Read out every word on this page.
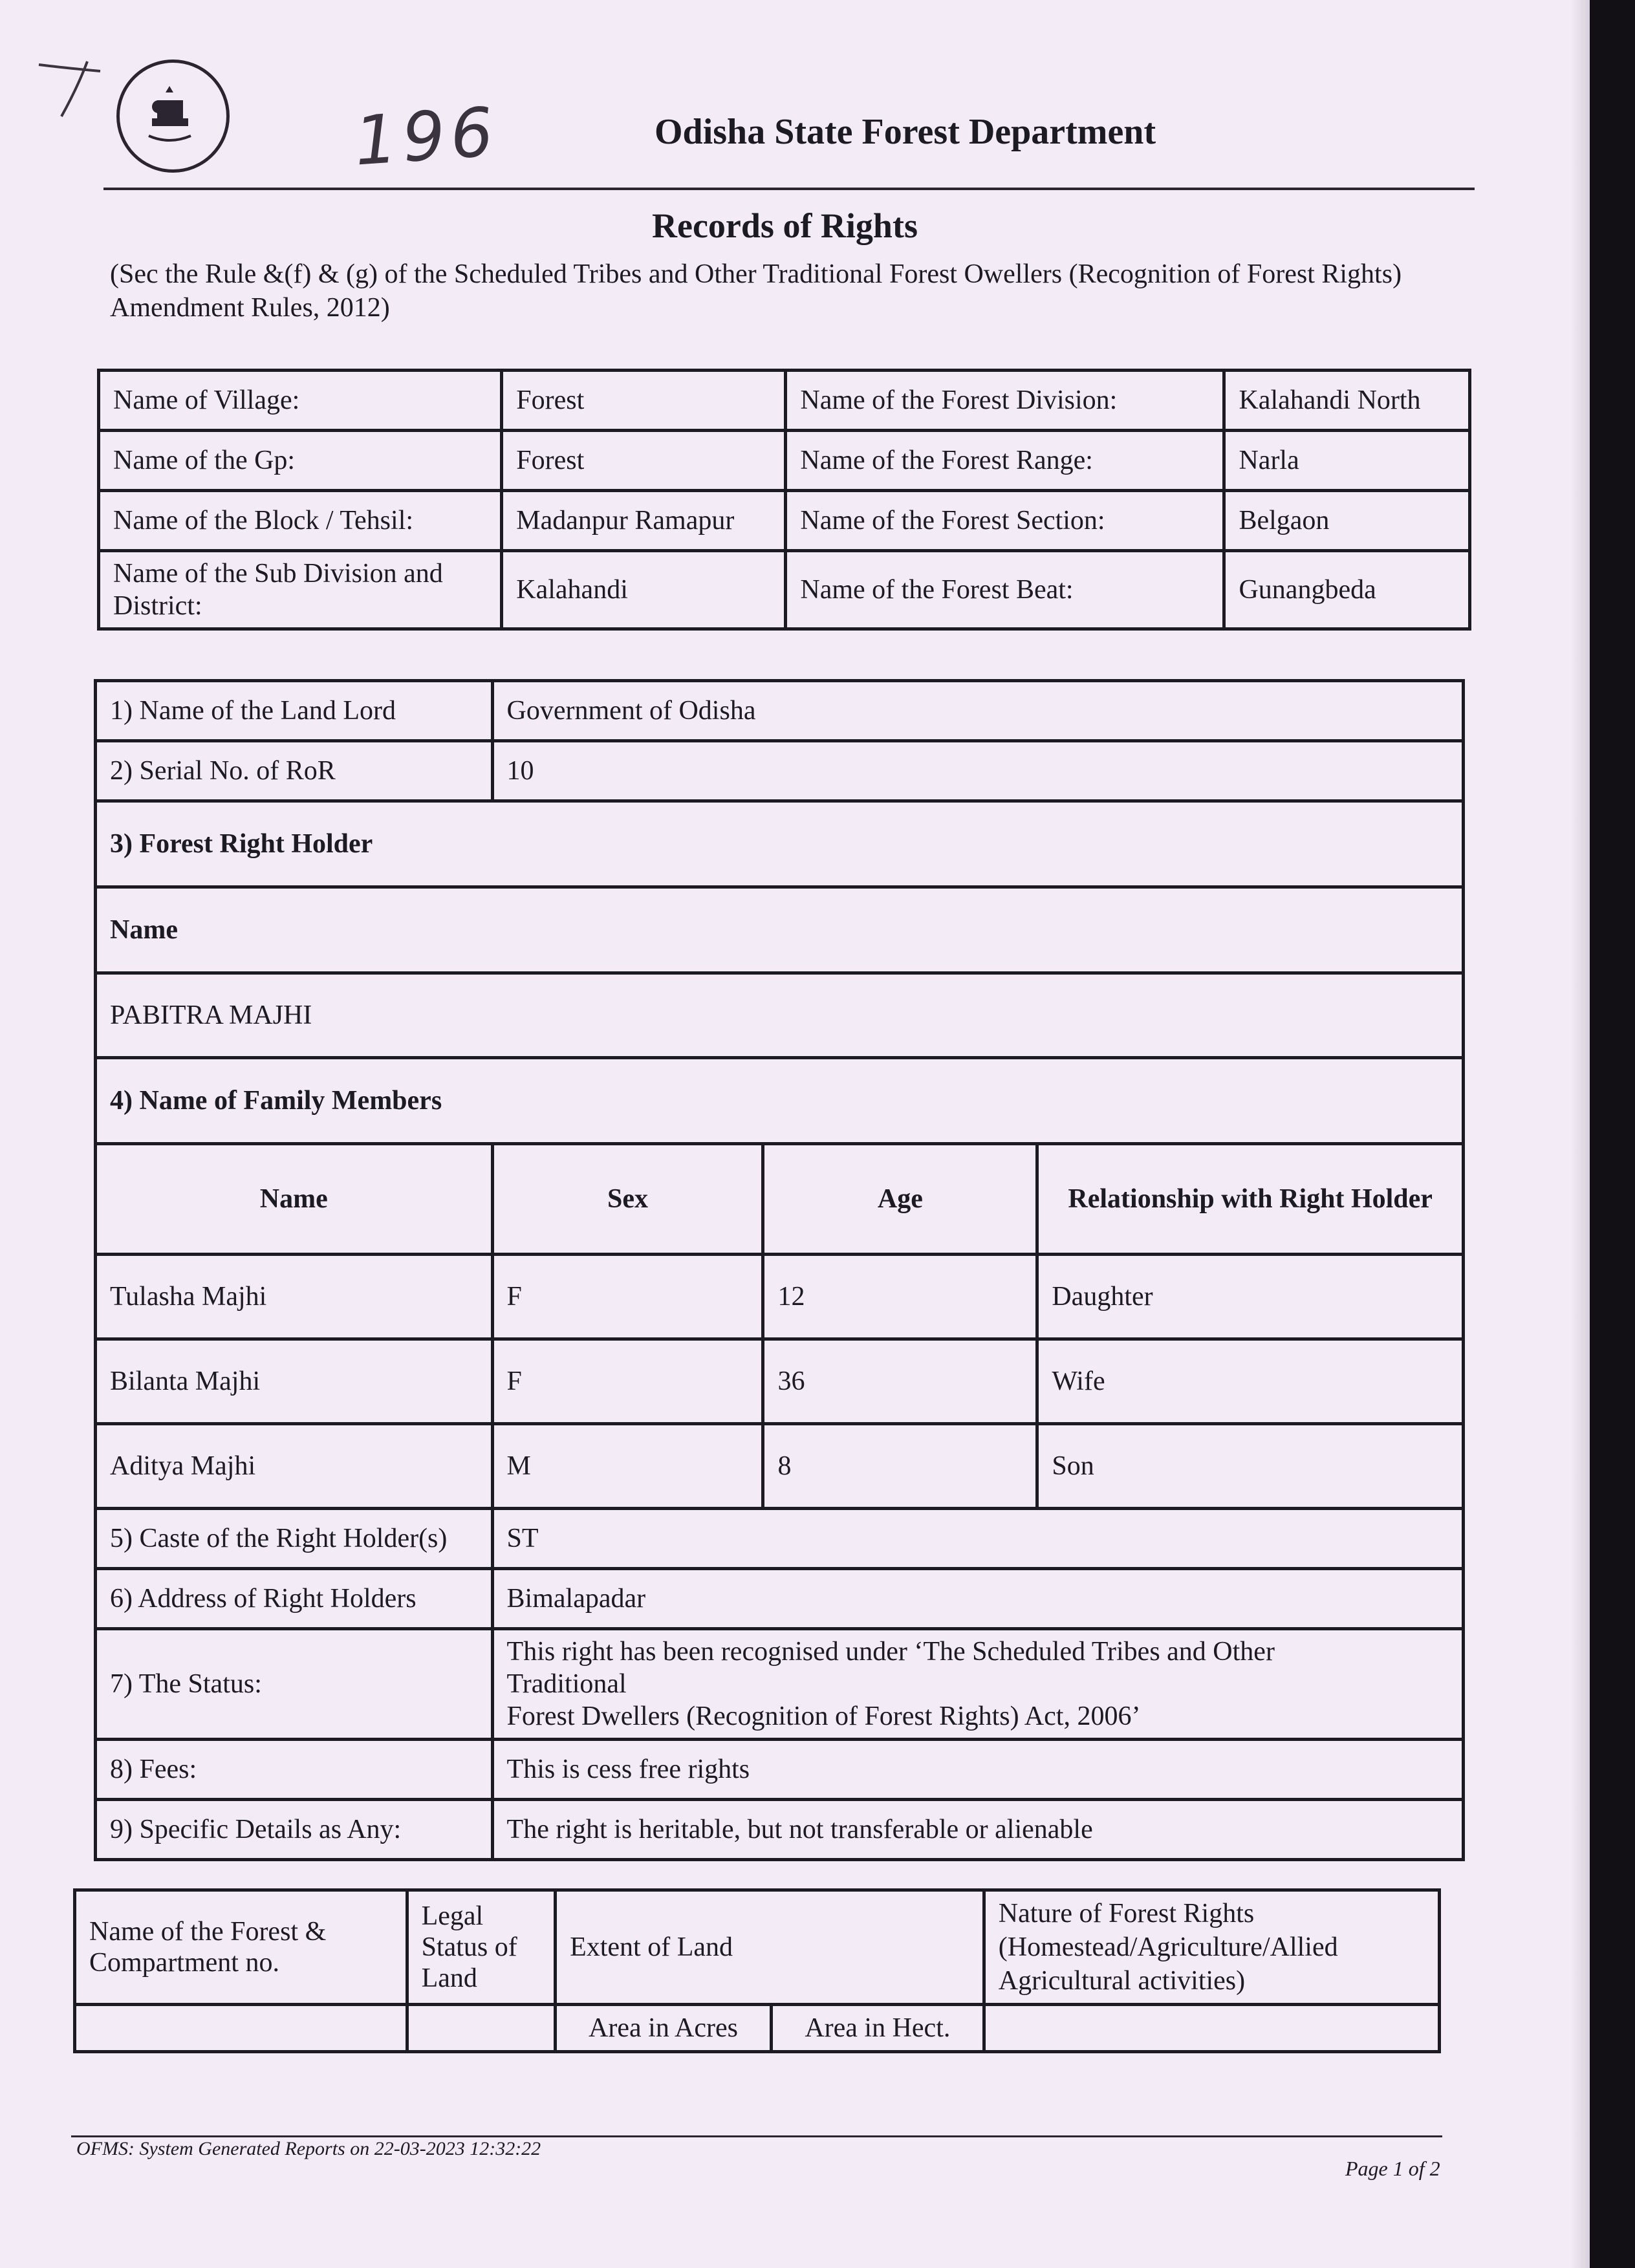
196	Odisha State Forest Department
Records of Rights
(Sec the Rule &(f) & (g) of the Scheduled Tribes and Other Traditional Forest Owellers (Recognition of Forest Rights) Amendment Rules, 2012)
Name of Village:	Forest	Name of the Forest Division:	Kalahandi North
Name of the Gp:	Forest	Name of the Forest Range:	Narla
Name of the Block / Tehsil:	Madanpur Ramapur	Name of the Forest Section:	Belgaon
Name of the Sub Division and District:	Kalahandi	Name of the Forest Beat:	Gunangbeda
1) Name of the Land Lord	Government of Odisha		
2) Serial No. of RoR	10		
3) Forest Right Holder			
Name			
PABITRA MAJHI			
4) Name of Family Members			
Name	Sex	Age	Relationship with Right Holder
Tulasha Majhi	F	12	Daughter
Bilanta Majhi	F	36	Wife
Aditya Majhi	M	8	Son
5) Caste of the Right Holder(s)	ST		
6) Address of Right Holders	Bimalapadar		
7) The Status:	This right has been recognised under ‘The Scheduled Tribes and Other
Traditional
Forest Dwellers (Recognition of Forest Rights) Act, 2006’		

8) Fees:	This is cess free rights		
9) Specific Details as Any:	The right is heritable, but not transferable or alienable		
Name of the Forest & Compartment no.	Legal Status of Land	Extent of Land		Nature of Forest Rights (Homestead/Agriculture/Allied Agricultural activities)
		Area in Acres	Area in Hect.	
OFMS: System Generated Reports on 22-03-2023 12:32:22
Page 1 of 2
